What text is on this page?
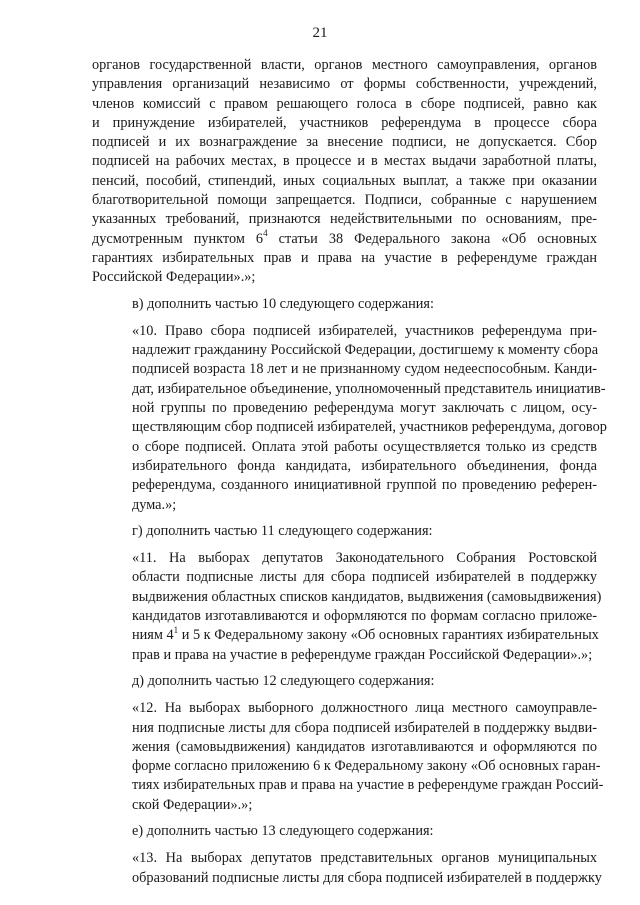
21

органов государственной власти, органов местного самоуправления, органов
управления организаций независимо от формы собственности, учреждений,
членов комиссий с правом решающего голоса в сборе подписей, равно как
и принуждение избирателей, участников референдума в процессе сбора
подписей и их вознаграждение за внесение подписи, не допускается. Сбор
подписей на рабочих местах, в процессе и в местах выдачи заработной платы,
пенсий, пособий, стипендий, иных социальных выплат, а также при оказании
благотворительной помощи запрещается. Подписи, собранные с нарушением
указанных требований, признаются недействительными по основаниям, пре-
дусмотренным пунктом $6^4$ статьи 38 Федерального закона «Об основных
гарантиях избирательных прав и права на участие в референдуме граждан
Российской Федерации».»;

в) дополнить частью 10 следующего содержания:

«10. Право сбора подписей избирателей, участников референдума при-
надлежит гражданину Российской Федерации, достигшему к моменту сбора
подписей возраста 18 лет и не признанному судом недееспособным. Канди-
дат, избирательное объединение, уполномоченный представитель инициатив-
ной группы по проведению референдума могут заключать с лицом, осу-
ществляющим сбор подписей избирателей, участников референдума, договор
о сборе подписей. Оплата этой работы осуществляется только из средств
избирательного фонда кандидата, избирательного объединения, фонда
референдума, созданного инициативной группой по проведению референ-
дума.»;

г) дополнить частью 11 следующего содержания:

«11. На выборах депутатов Законодательного Собрания Ростовской
области подписные листы для сбора подписей избирателей в поддержку
выдвижения областных списков кандидатов, выдвижения (самовыдвижения)
кандидатов изготавливаются и оформляются по формам согласно приложе-
ниям $4^1$ и 5 к Федеральному закону «Об основных гарантиях избирательных
прав и права на участие в референдуме граждан Российской Федерации».»;

д) дополнить частью 12 следующего содержания:

«12. На выборах выборного должностного лица местного самоуправле-
ния подписные листы для сбора подписей избирателей в поддержку выдви-
жения (самовыдвижения) кандидатов изготавливаются и оформляются по
форме согласно приложению 6 к Федеральному закону «Об основных гаран-
тиях избирательных прав и права на участие в референдуме граждан Россий-
ской Федерации».»;

е) дополнить частью 13 следующего содержания:

«13. На выборах депутатов представительных органов муниципальных
образований подписные листы для сбора подписей избирателей в поддержку
